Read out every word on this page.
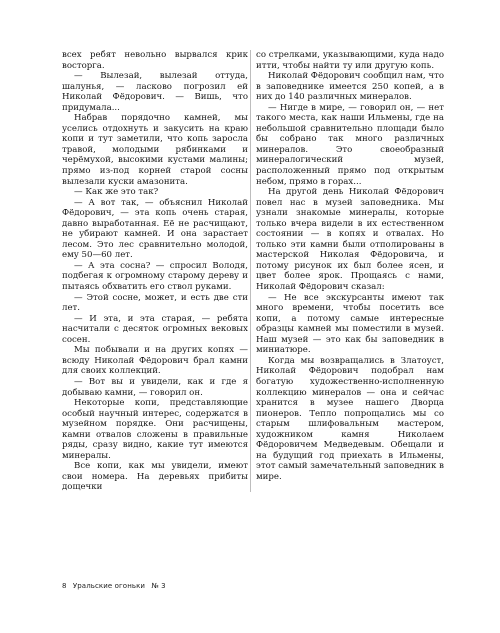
всех ребят невольно вырвался крик восторга.

— Вылезай, вылезай оттуда, шалунья, — ласково погрозил ей Николай Фёдорович. — Вишь, что придумала...

Набрав порядочно камней, мы уселись отдохнуть и закусить на краю копи и тут заметили, что копь заросла травой, молодыми рябинками и черёмухой, высокими кустами малины; прямо из-под корней старой сосны вылезали куски амазонита.

— Как же это так?

— А вот так, — объяснил Николай Фёдорович, — эта копь очень старая, давно выработанная. Её не расчищают, не убирают камней. И она зарастает лесом. Это лес сравнительно молодой, ему 50—60 лет.

— А эта сосна? — спросил Володя, подбегая к огромному старому дереву и пытаясь обхватить его ствол руками.

— Этой сосне, может, и есть две сти лет.

— И эта, и эта старая, — ребята насчитали с десяток огромных вековых сосен.

Мы побывали и на других копях — всюду Николай Фёдорович брал камни для своих коллекций.

— Вот вы и увидели, как и где я добываю камни, — говорил он.

Некоторые копи, представляющие особый научный интерес, содержатся в музейном порядке. Они расчищены, камни отвалов сложены в правильные ряды, сразу видно, какие тут имеются минералы.

Все копи, как мы увидели, имеют свои номера. На деревьях прибиты дощечки

со стрелками, указывающими, куда надо итти, чтобы найти ту или другую копь.

Николай Фёдорович сообщил нам, что в заповеднике имеется 250 копей, а в них до 140 различных минералов.

— Нигде в мире, — говорил он, — нет такого места, как наши Ильмены, где на небольшой сравнительно площади было бы собрано так много различных минералов. Это своеобразный минералогический музей, расположенный прямо под открытым небом, прямо в горах...

На другой день Николай Фёдорович повел нас в музей заповедника. Мы узнали знакомые минералы, которые только вчера видели в их естественном состоянии — в копях и отвалах. Но только эти камни были отполированы в мастерской Николая Фёдоровича, и потому рисунок их был более ясен, и цвет более ярок. Прощаясь с нами, Николай Фёдорович сказал:

— Не все экскурсанты имеют так много времени, чтобы посетить все копи, а потому самые интересные образцы камней мы поместили в музей. Наш музей — это как бы заповедник в миниатюре.

Когда мы возвращались в Златоуст, Николай Фёдорович подобрал нам богатую художественно-исполненную коллекцию минералов — она и сейчас хранится в музее нашего Дворца пионеров. Тепло попрощались мы со старым шлифовальным мастером, художником камня Николаем Фёдоровичем Медведевым. Обещали и на будущий год приехать в Ильмены, этот самый замечательный заповедник в мире.

8 Уральские огоньки № 3
